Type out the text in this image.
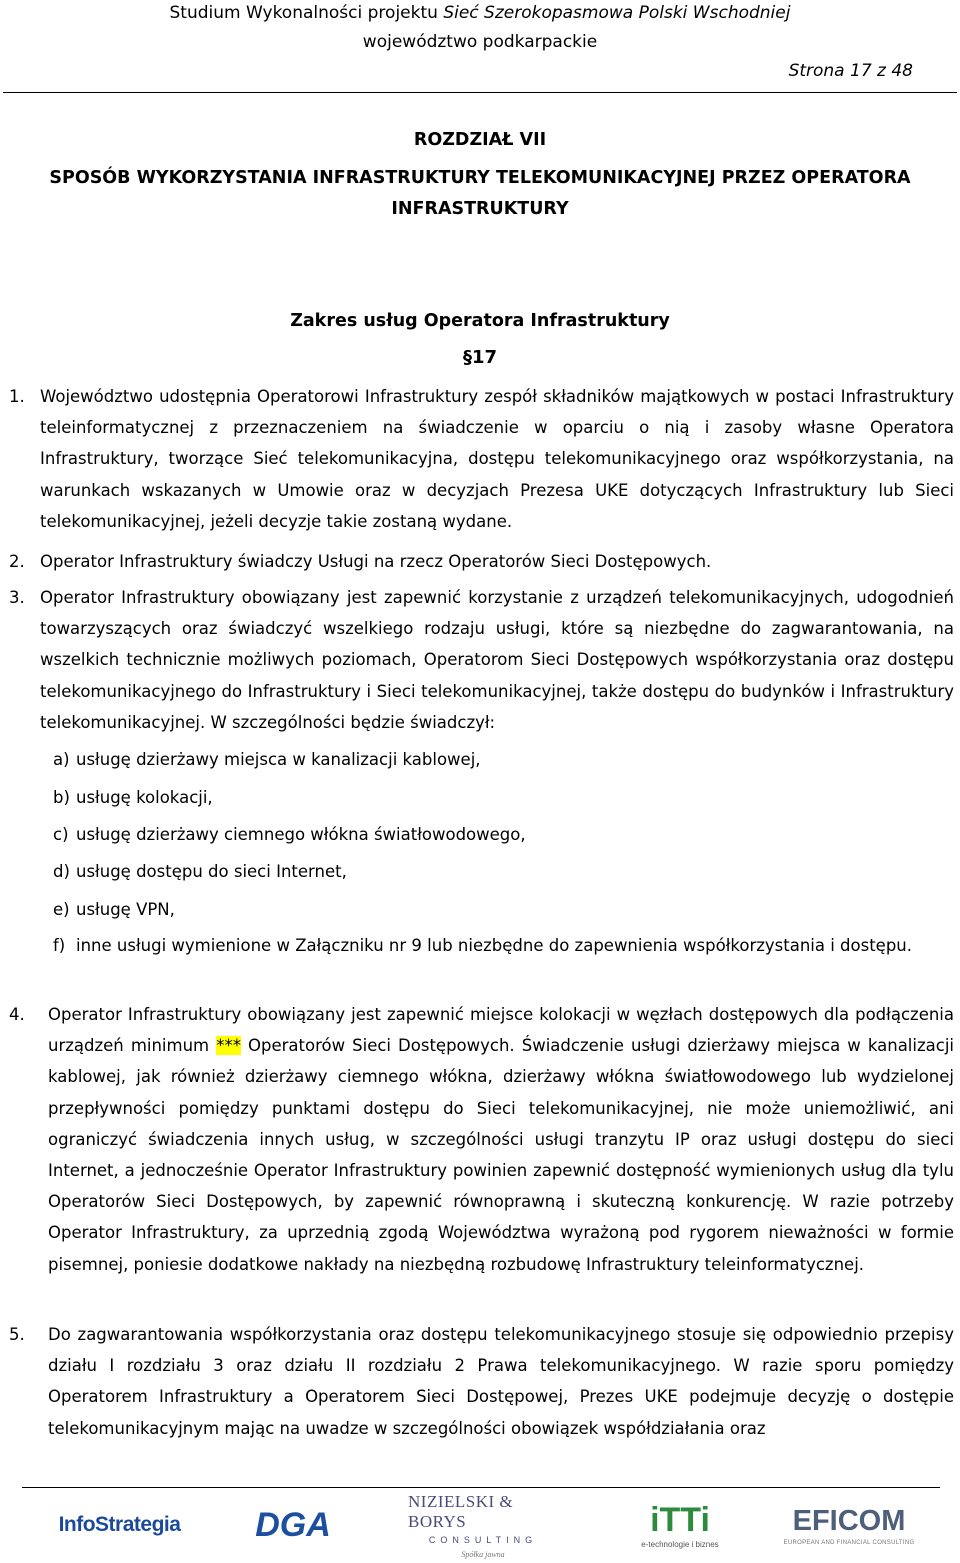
Studium Wykonalności projektu Sieć Szerokopasmowa Polski Wschodniej
województwo podkarpackie
Strona 17 z 48
ROZDZIAŁ VII
SPOSÓB WYKORZYSTANIA INFRASTRUKTURY TELEKOMUNIKACYJNEJ PRZEZ OPERATORA
INFRASTRUKTURY
Zakres usług Operatora Infrastruktury
§17
1. Województwo udostępnia Operatorowi Infrastruktury zespół składników majątkowych w postaci Infrastruktury teleinformatycznej z przeznaczeniem na świadczenie w oparciu o nią i zasoby własne Operatora Infrastruktury, tworzące Sieć telekomunikacyjna, dostępu telekomunikacyjnego oraz współkorzystania, na warunkach wskazanych w Umowie oraz w decyzjach Prezesa UKE dotyczących Infrastruktury lub Sieci telekomunikacyjnej, jeżeli decyzje takie zostaną wydane.
2. Operator Infrastruktury świadczy Usługi na rzecz Operatorów Sieci Dostępowych.
3. Operator Infrastruktury obowiązany jest zapewnić korzystanie z urządzeń telekomunikacyjnych, udogodnień towarzyszących oraz świadczyć wszelkiego rodzaju usługi, które są niezbędne do zagwarantowania, na wszelkich technicznie możliwych poziomach, Operatorom Sieci Dostępowych współkorzystania oraz dostępu telekomunikacyjnego do Infrastruktury i Sieci telekomunikacyjnej, także dostępu do budynków i Infrastruktury telekomunikacyjnej. W szczególności będzie świadczył:
a) usługę dzierżawy miejsca w kanalizacji kablowej,
b) usługę kolokacji,
c) usługę dzierżawy ciemnego włókna światłowodowego,
d) usługę dostępu do sieci Internet,
e) usługę VPN,
f) inne usługi wymienione w Załączniku nr 9 lub niezbędne do zapewnienia współkorzystania i dostępu.
4. Operator Infrastruktury obowiązany jest zapewnić miejsce kolokacji w węzłach dostępowych dla podłączenia urządzeń minimum *** Operatorów Sieci Dostępowych. Świadczenie usługi dzierżawy miejsca w kanalizacji kablowej, jak również dzierżawy ciemnego włókna, dzierżawy włókna światłowodowego lub wydzielonej przepływności pomiędzy punktami dostępu do Sieci telekomunikacyjnej, nie może uniemożliwić, ani ograniczyć świadczenia innych usług, w szczególności usługi tranzytu IP oraz usługi dostępu do sieci Internet, a jednocześnie Operator Infrastruktury powinien zapewnić dostępność wymienionych usług dla tylu Operatorów Sieci Dostępowych, by zapewnić równoprawną i skuteczną konkurencję. W razie potrzeby Operator Infrastruktury, za uprzednią zgodą Województwa wyrażoną pod rygorem nieważności w formie pisemnej, poniesie dodatkowe nakłady na niezbędną rozbudowę Infrastruktury teleinformatycznej.
5. Do zagwarantowania współkorzystania oraz dostępu telekomunikacyjnego stosuje się odpowiednio przepisy działu I rozdziału 3 oraz działu II rozdziału 2 Prawa telekomunikacyjnego. W razie sporu pomiędzy Operatorem Infrastruktury a Operatorem Sieci Dostępowej, Prezes UKE podejmuje decyzję o dostępie telekomunikacyjnym mając na uwadze w szczególności obowiązek współdziałania oraz
InfoStrategia DGA
NIZIELSKI & BORYS
CONSULTING
Spółka jawna
iTTi
e-technologie i biznes
EFICOM
EUROPEAN AND FINANCIAL CONSULTING
